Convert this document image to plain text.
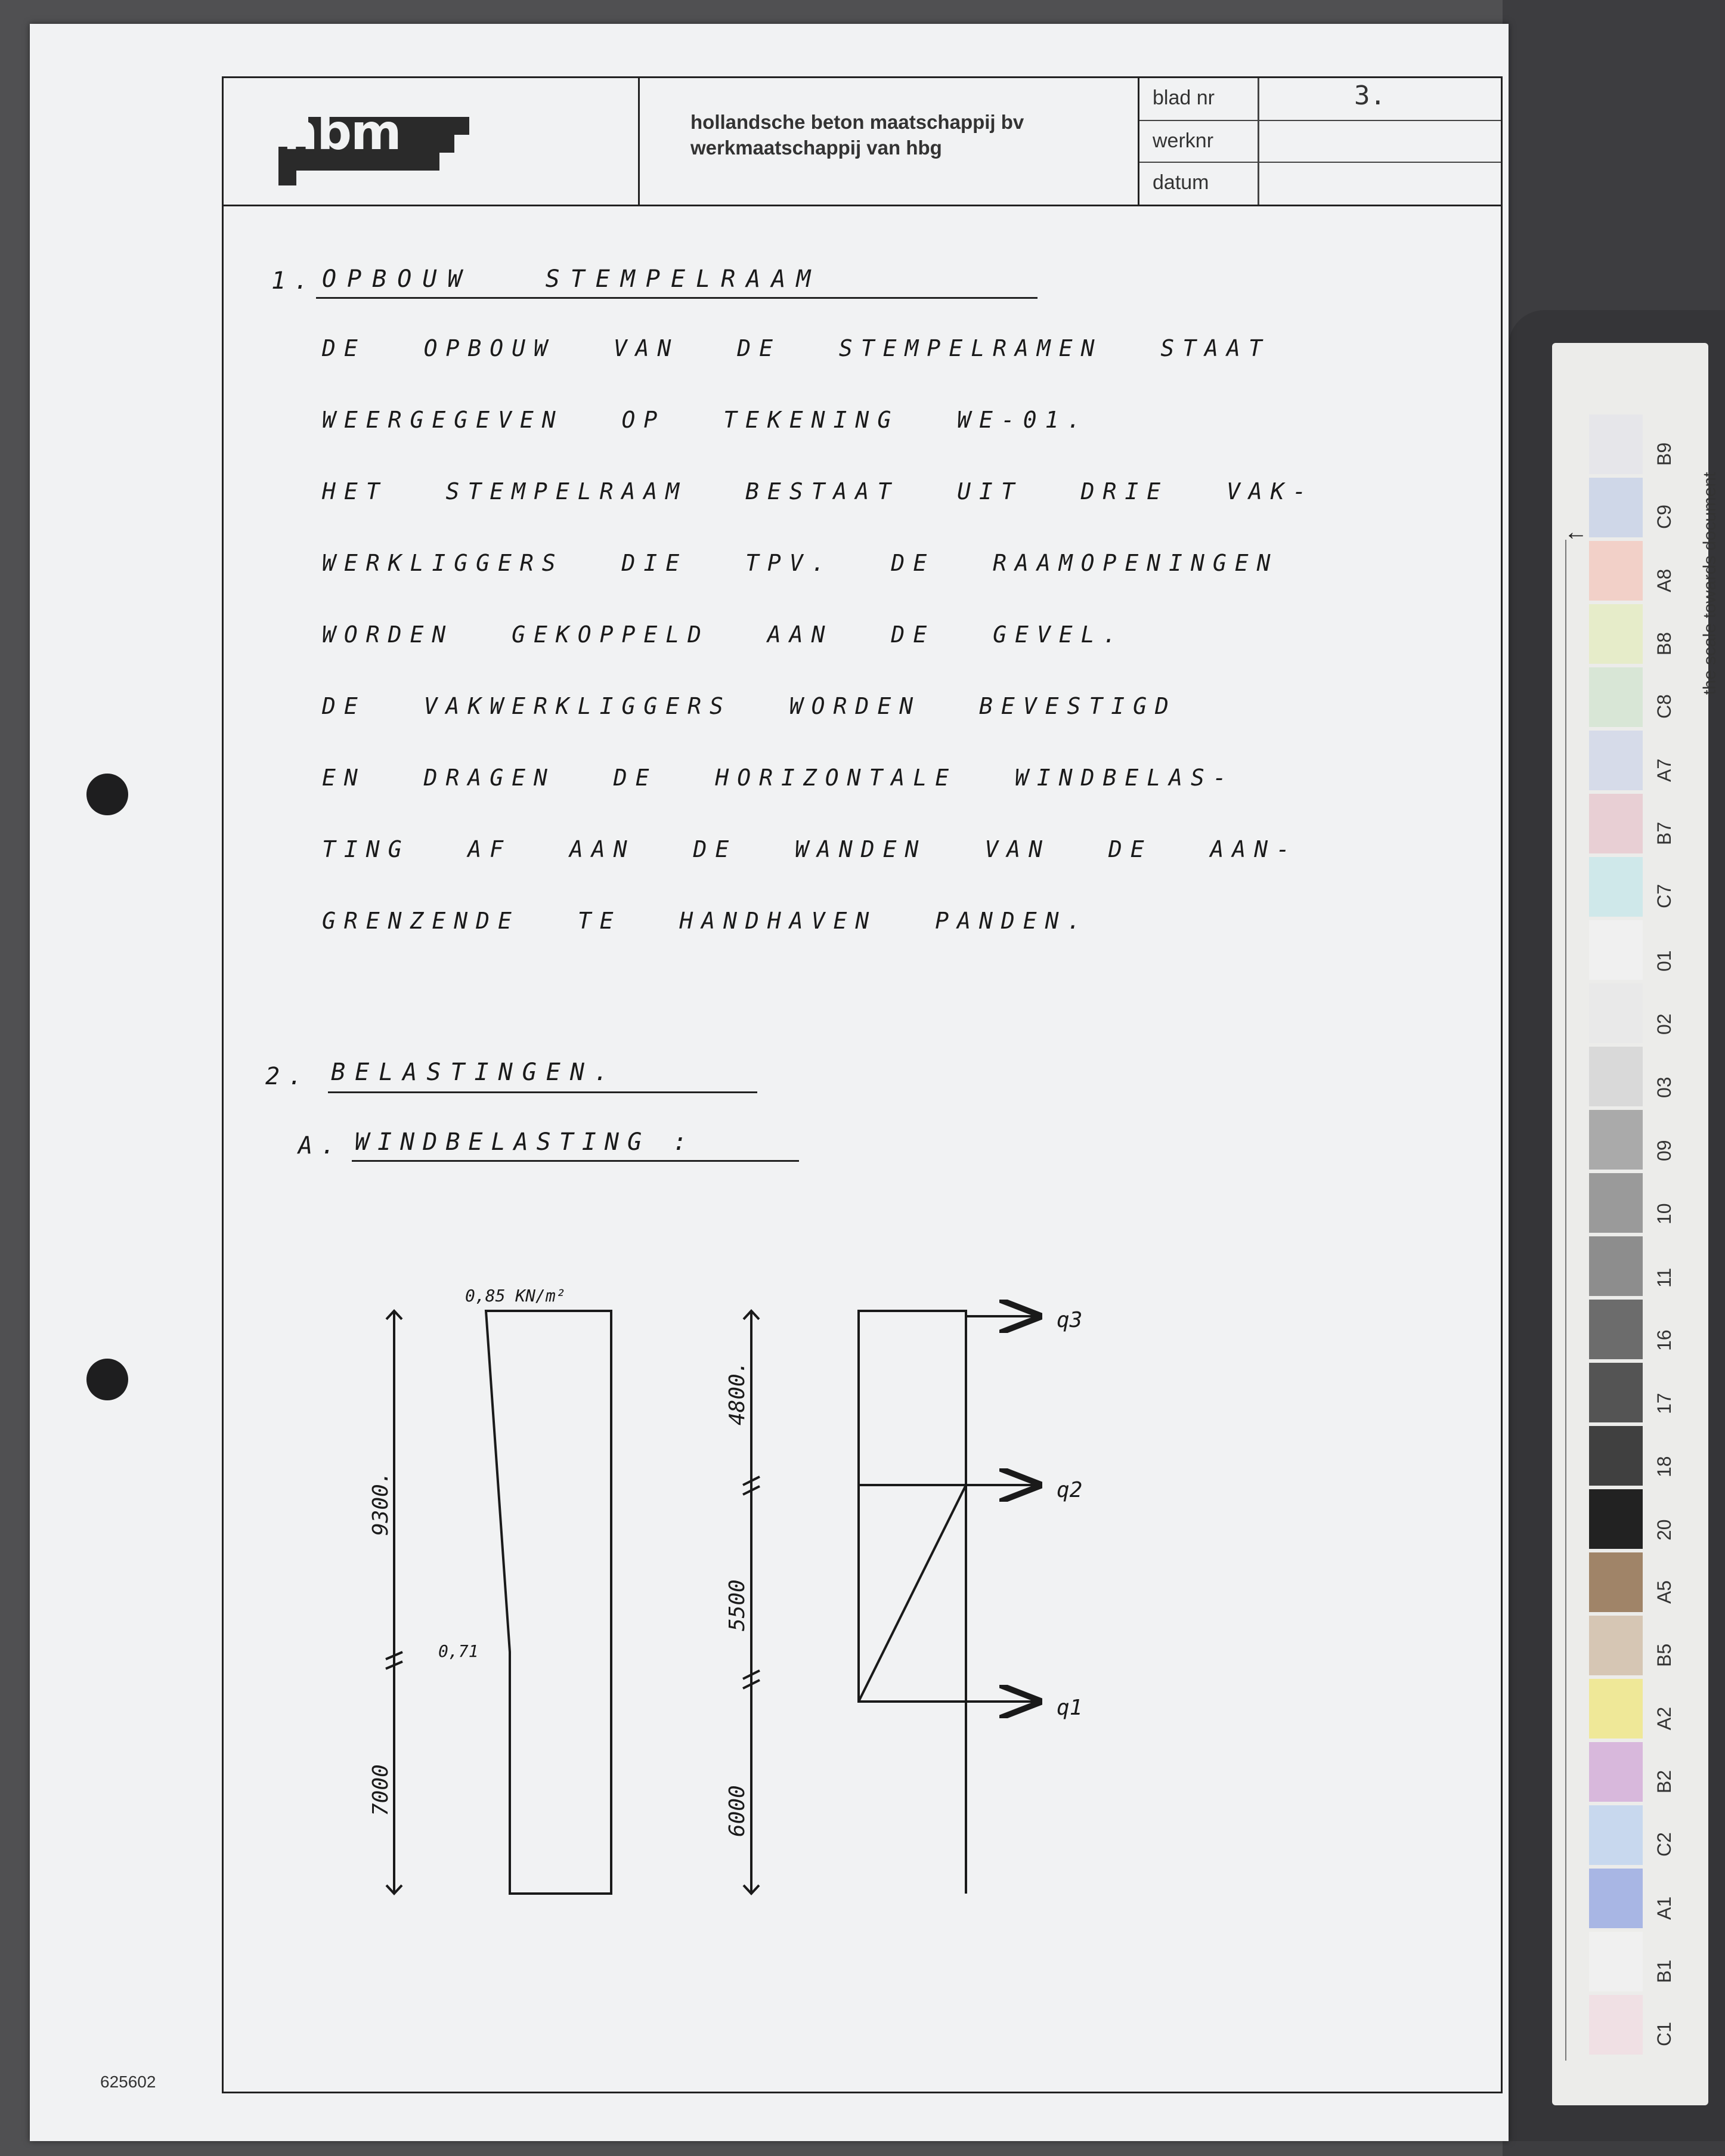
hbm	hollandsche beton maatschappij bv
werkmaatschappij van hbg
blad nr	3.
werknr
datum
1. OPBOUW STEMPELRAAM
DE OPBOUW VAN DE STEMPELRAMEN STAAT
WEERGEGEVEN OP TEKENING WE-01.
HET STEMPELRAAM BESTAAT UIT DRIE VAK-
WERKLIGGERS DIE TPV. DE RAAMOPENINGEN
WORDEN GEKOPPELD AAN DE GEVEL.
DE VAKWERKLIGGERS WORDEN BEVESTIGD
EN DRAGEN DE HORIZONTALE WINDBELAS-
TING AF AAN DE WANDEN VAN DE AAN-
GRENZENDE TE HANDHAVEN PANDEN.
2. BELASTINGEN.
A. WINDBELASTING :
0,85 KN/m²
0,71
9300.
7000
4800.
5500
6000
q3
q2
q1
625602
←	the scale towards document
B9
C9
A8
B8
C8
A7
B7
C7
01
02
03
09
10
11
16
17
18
20
A5
B5
A2
B2
C2
A1
B1
C1
